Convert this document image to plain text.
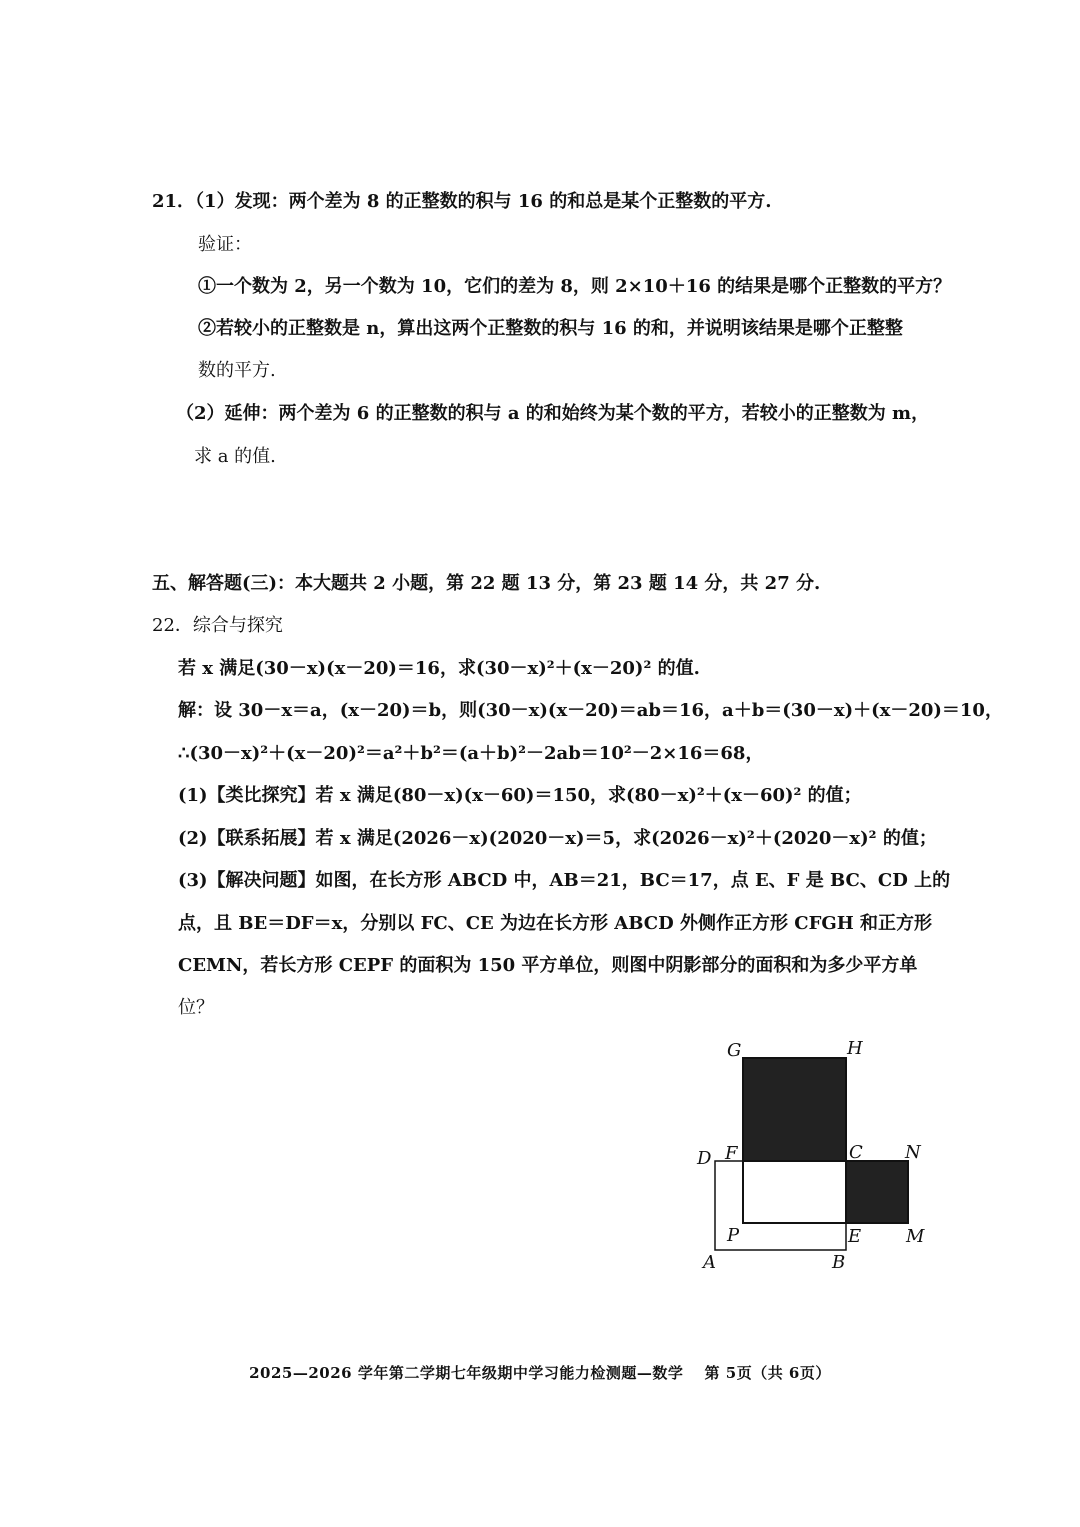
21．（1）发现：两个差为 8 的正整数的积与 16 的和总是某个正整数的平方.
验证：
①一个数为 2，另一个数为 10，它们的差为 8，则 2×10＋16 的结果是哪个正整数的平方？
②若较小的正整数是 n，算出这两个正整数的积与 16 的和，并说明该结果是哪个正整整
数的平方.
（2）延伸：两个差为 6 的正整数的积与 a 的和始终为某个数的平方，若较小的正整数为 m，
求 a 的值.
五、解答题(三)：本大题共 2 小题，第 22 题 13 分，第 23 题 14 分，共 27 分.
22．综合与探究
若 x 满足(30－x)(x－20)＝16，求(30－x)²＋(x－20)² 的值.
解：设 30－x＝a，(x－20)＝b，则(30－x)(x－20)＝ab＝16，a＋b＝(30－x)＋(x－20)＝10，
∴(30－x)²＋(x－20)²＝a²＋b²＝(a＋b)²－2ab＝10²－2×16＝68，
(1)【类比探究】若 x 满足(80－x)(x－60)＝150，求(80－x)²＋(x－60)² 的值；
(2)【联系拓展】若 x 满足(2026－x)(2020－x)＝5，求(2026－x)²＋(2020－x)² 的值；
(3)【解决问题】如图，在长方形 ABCD 中，AB＝21，BC＝17，点 E、F 是 BC、CD 上的
点，且 BE＝DF＝x，分别以 FC、CE 为边在长方形 ABCD 外侧作正方形 CFGH 和正方形
CEMN，若长方形 CEPF 的面积为 150 平方单位，则图中阴影部分的面积和为多少平方单
位？
G	H
D F	C N
P	E M
A	B
2025—2026 学年第二学期七年级期中学习能力检测题—数学　 第 5页（共 6页）
